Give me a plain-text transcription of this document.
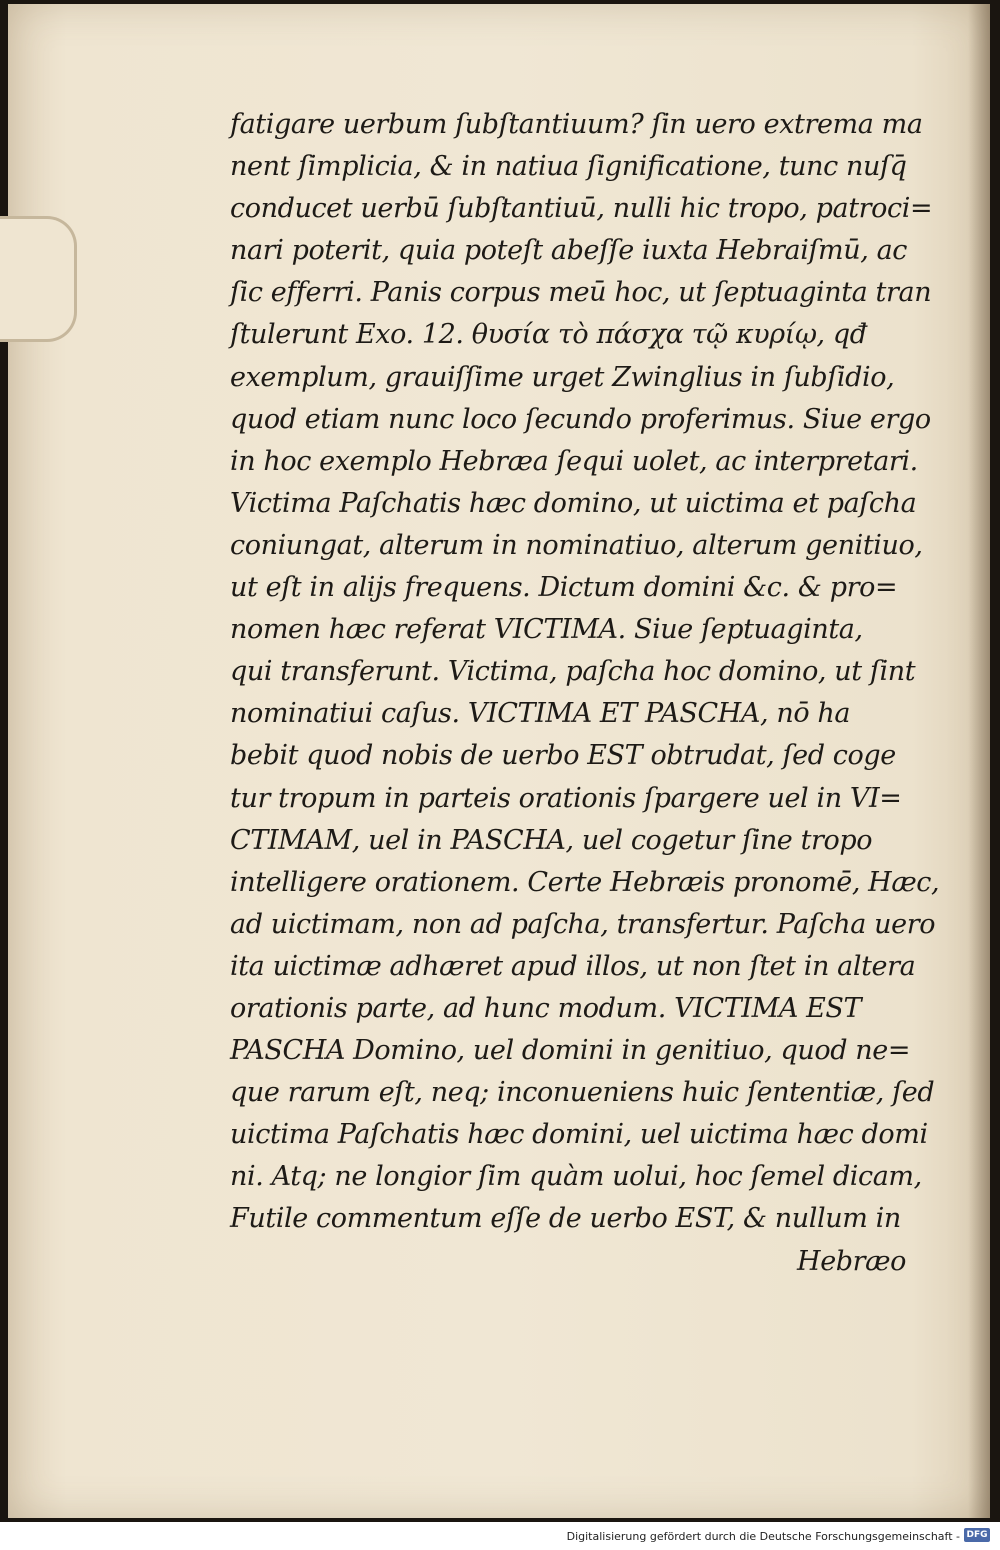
fatigare uerbum ſubſtantiuum? ſin uero extrema ma
nent ſimplicia, & in natiua ſignificatione, tunc nuſq̄
conducet uerbū ſubſtantiuū, nulli hic tropo, patroci=
nari poterit, quia poteſt abeſſe iuxta Hebraiſmū, ac
ſic efferri. Panis corpus meū hoc, ut ſeptuaginta tran
ſtulerunt Exo. 12. θυσία τὸ πάσχα τῷ κυρίῳ, qđ
exemplum, grauiſſime urget Zwinglius in ſubſidio,
quod etiam nunc loco ſecundo proferimus. Siue ergo
in hoc exemplo Hebræa ſequi uolet, ac interpretari.
Victima Paſchatis hæc domino, ut uictima et paſcha
coniungat, alterum in nominatiuo, alterum genitiuo,
ut eſt in alijs frequens. Dictum domini &c. & pro=
nomen hæc referat VICTIMA. Siue ſeptuaginta,
qui transferunt. Victima, paſcha hoc domino, ut ſint
nominatiui caſus. VICTIMA ET PASCHA, nō ha
bebit quod nobis de uerbo EST obtrudat, ſed coge
tur tropum in parteis orationis ſpargere uel in VI=
CTIMAM, uel in PASCHA, uel cogetur ſine tropo
intelligere orationem. Certe Hebræis pronomē, Hæc,
ad uictimam, non ad paſcha, transfertur. Paſcha uero
ita uictimæ adhæret apud illos, ut non ſtet in altera
orationis parte, ad hunc modum. VICTIMA EST
PASCHA Domino, uel domini in genitiuo, quod ne=
que rarum eſt, neq; inconueniens huic ſententiæ, ſed
uictima Paſchatis hæc domini, uel uictima hæc domi
ni. Atq; ne longior ſim quàm uolui, hoc ſemel dicam,
Futile commentum eſſe de uerbo EST, & nullum in
Hebræo
Digitalisierung gefördert durch die Deutsche Forschungsgemeinschaft - DFG
